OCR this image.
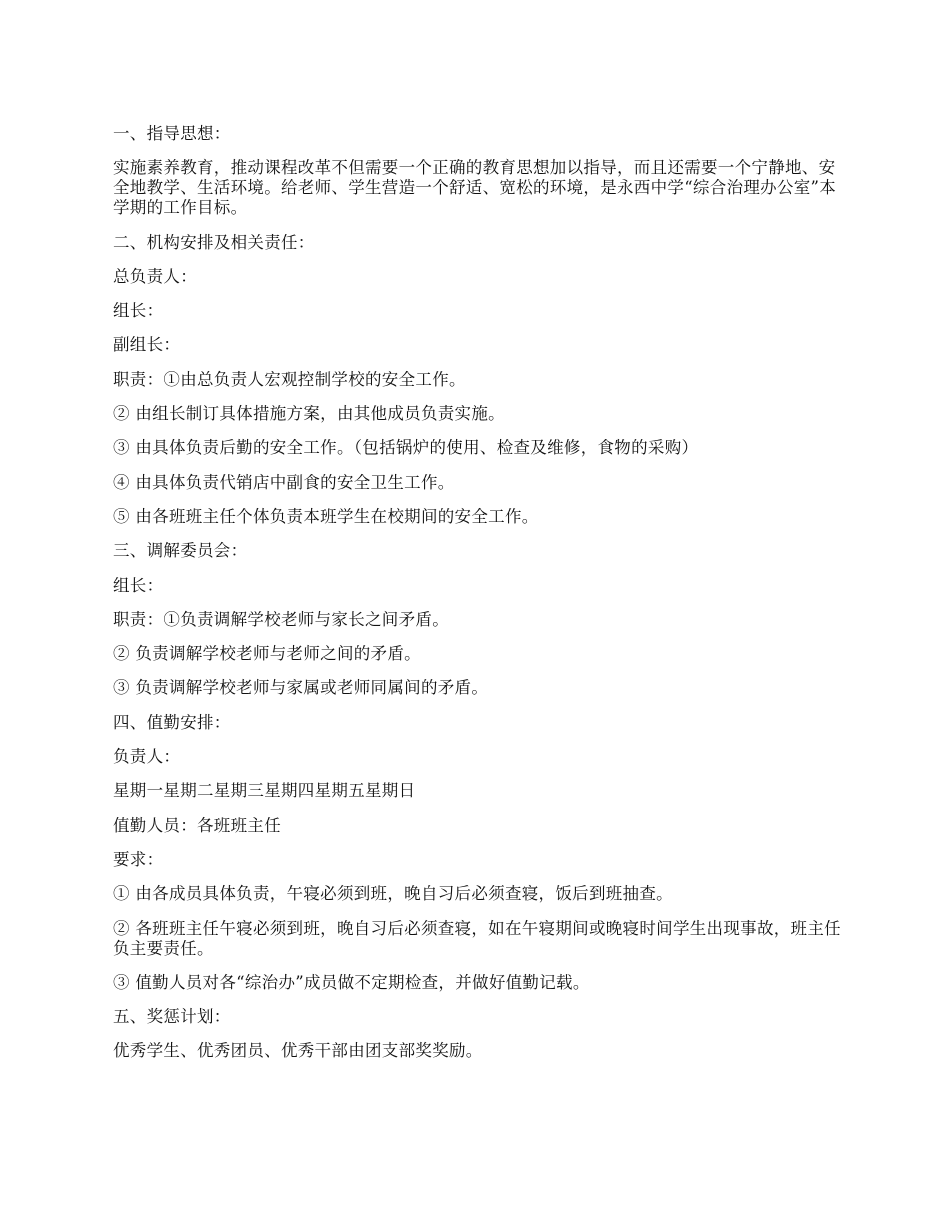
一、指导思想：

实施素养教育，推动课程改革不但需要一个正确的教育思想加以指导，而且还需要一个宁静地、安全地教学、生活环境。给老师、学生营造一个舒适、宽松的环境，是永西中学“综合治理办公室”本学期的工作目标。

二、机构安排及相关责任：

总负责人：

组长：

副组长：

职责：①由总负责人宏观控制学校的安全工作。

② 由组长制订具体措施方案，由其他成员负责实施。

③ 由具体负责后勤的安全工作。（包括锅炉的使用、检查及维修，食物的采购）

④ 由具体负责代销店中副食的安全卫生工作。

⑤ 由各班班主任个体负责本班学生在校期间的安全工作。

三、调解委员会：

组长：

职责：①负责调解学校老师与家长之间矛盾。

② 负责调解学校老师与老师之间的矛盾。

③ 负责调解学校老师与家属或老师同属间的矛盾。

四、值勤安排：

负责人：

星期一星期二星期三星期四星期五星期日

值勤人员：各班班主任

要求：

① 由各成员具体负责，午寝必须到班，晚自习后必须查寝，饭后到班抽查。

② 各班班主任午寝必须到班，晚自习后必须查寝，如在午寝期间或晚寝时间学生出现事故，班主任负主要责任。

③ 值勤人员对各“综治办”成员做不定期检查，并做好值勤记载。

五、奖惩计划：

优秀学生、优秀团员、优秀干部由团支部奖奖励。
